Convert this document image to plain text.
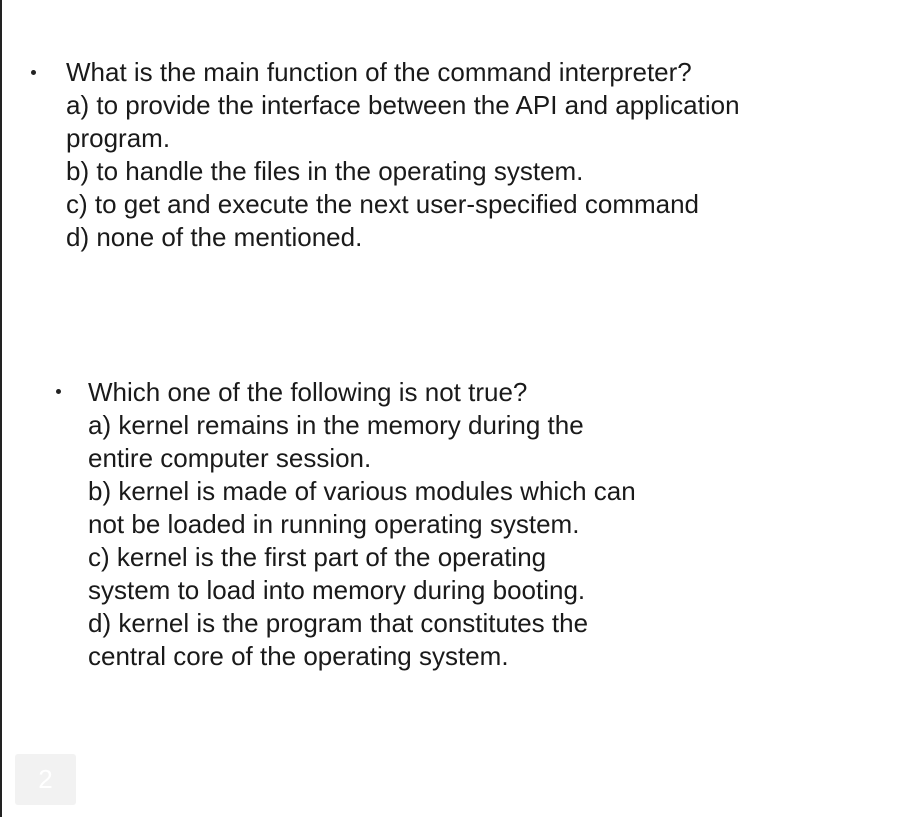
What is the main function of the command interpreter?
a) to provide the interface between the API and application
program.
b) to handle the files in the operating system.
c) to get and execute the next user-specified command
d) none of the mentioned.
Which one of the following is not true?
a) kernel remains in the memory during the
entire computer session.
b) kernel is made of various modules which can
not be loaded in running operating system.
c) kernel is the first part of the operating
system to load into memory during booting.
d) kernel is the program that constitutes the
central core of the operating system.
2
